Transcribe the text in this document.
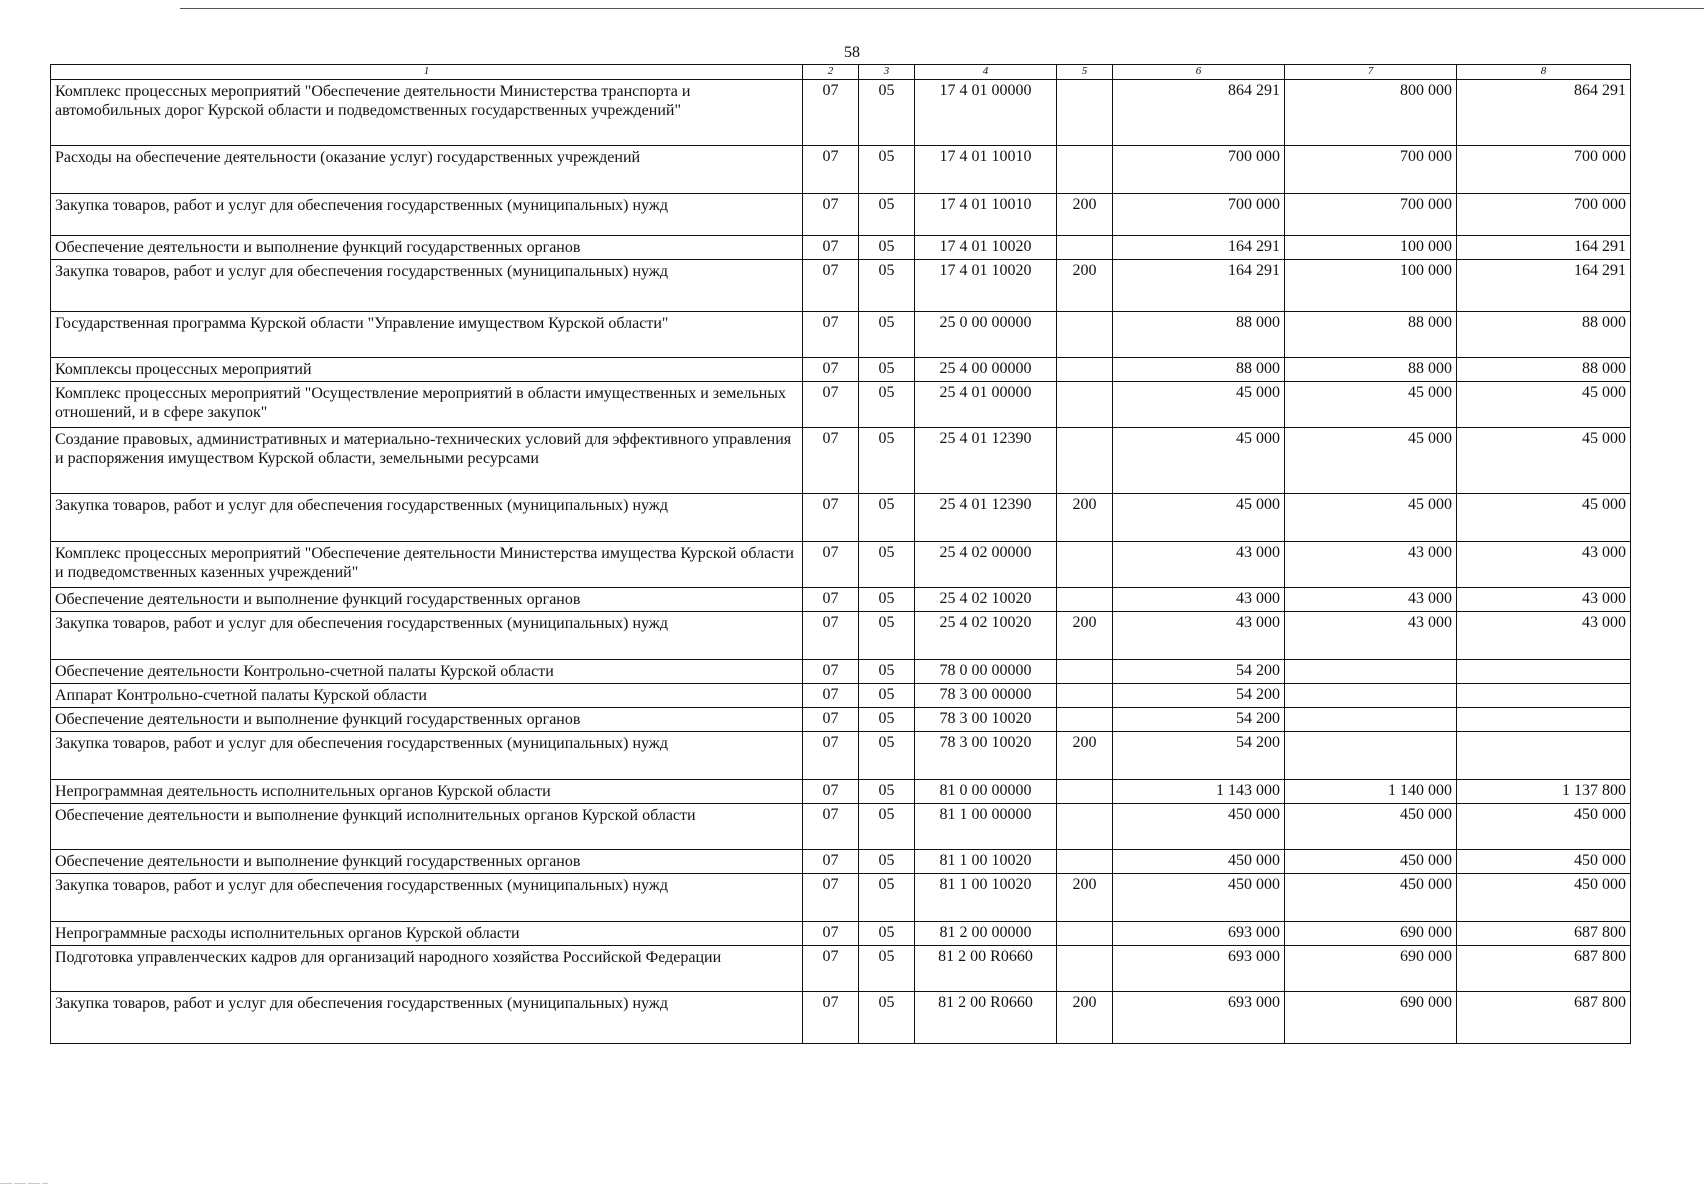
58
1	2	3	4	5	6	7	8
Комплекс процессных мероприятий "Обеспечение деятельности Министерства транспорта и автомобильных дорог Курской области и подведомственных государственных учреждений"	07	05	17 4 01 00000		864 291	800 000	864 291
Расходы на обеспечение деятельности (оказание услуг) государственных учреждений	07	05	17 4 01 10010		700 000	700 000	700 000
Закупка товаров, работ и услуг для обеспечения государственных (муниципальных) нужд	07	05	17 4 01 10010	200	700 000	700 000	700 000
Обеспечение деятельности и выполнение функций государственных органов	07	05	17 4 01 10020		164 291	100 000	164 291
Закупка товаров, работ и услуг для обеспечения государственных (муниципальных) нужд	07	05	17 4 01 10020	200	164 291	100 000	164 291
Государственная программа Курской области "Управление имуществом Курской области"	07	05	25 0 00 00000		88 000	88 000	88 000
Комплексы процессных мероприятий	07	05	25 4 00 00000		88 000	88 000	88 000
Комплекс процессных мероприятий "Осуществление мероприятий в области имущественных и земельных отношений, и в сфере закупок"	07	05	25 4 01 00000		45 000	45 000	45 000
Создание правовых, административных и материально-технических условий для эффективного управления и распоряжения имуществом Курской области, земельными ресурсами	07	05	25 4 01 12390		45 000	45 000	45 000
Закупка товаров, работ и услуг для обеспечения государственных (муниципальных) нужд	07	05	25 4 01 12390	200	45 000	45 000	45 000
Комплекс процессных мероприятий "Обеспечение деятельности Министерства имущества Курской области и подведомственных казенных учреждений"	07	05	25 4 02 00000		43 000	43 000	43 000
Обеспечение деятельности и выполнение функций государственных органов	07	05	25 4 02 10020		43 000	43 000	43 000
Закупка товаров, работ и услуг для обеспечения государственных (муниципальных) нужд	07	05	25 4 02 10020	200	43 000	43 000	43 000
Обеспечение деятельности Контрольно-счетной палаты Курской области	07	05	78 0 00 00000		54 200		
Аппарат Контрольно-счетной палаты Курской области	07	05	78 3 00 00000		54 200		
Обеспечение деятельности и выполнение функций государственных органов	07	05	78 3 00 10020		54 200		
Закупка товаров, работ и услуг для обеспечения государственных (муниципальных) нужд	07	05	78 3 00 10020	200	54 200		
Непрограммная деятельность исполнительных органов Курской области	07	05	81 0 00 00000		1 143 000	1 140 000	1 137 800
Обеспечение деятельности и выполнение функций исполнительных органов Курской области	07	05	81 1 00 00000		450 000	450 000	450 000
Обеспечение деятельности и выполнение функций государственных органов	07	05	81 1 00 10020		450 000	450 000	450 000
Закупка товаров, работ и услуг для обеспечения государственных (муниципальных) нужд	07	05	81 1 00 10020	200	450 000	450 000	450 000
Непрограммные расходы исполнительных органов Курской области	07	05	81 2 00 00000		693 000	690 000	687 800
Подготовка управленческих кадров для организаций народного хозяйства Российской Федерации	07	05	81 2 00 R0660		693 000	690 000	687 800
Закупка товаров, работ и услуг для обеспечения государственных (муниципальных) нужд	07	05	81 2 00 R0660	200	693 000	690 000	687 800
...... ...... ...... ...
